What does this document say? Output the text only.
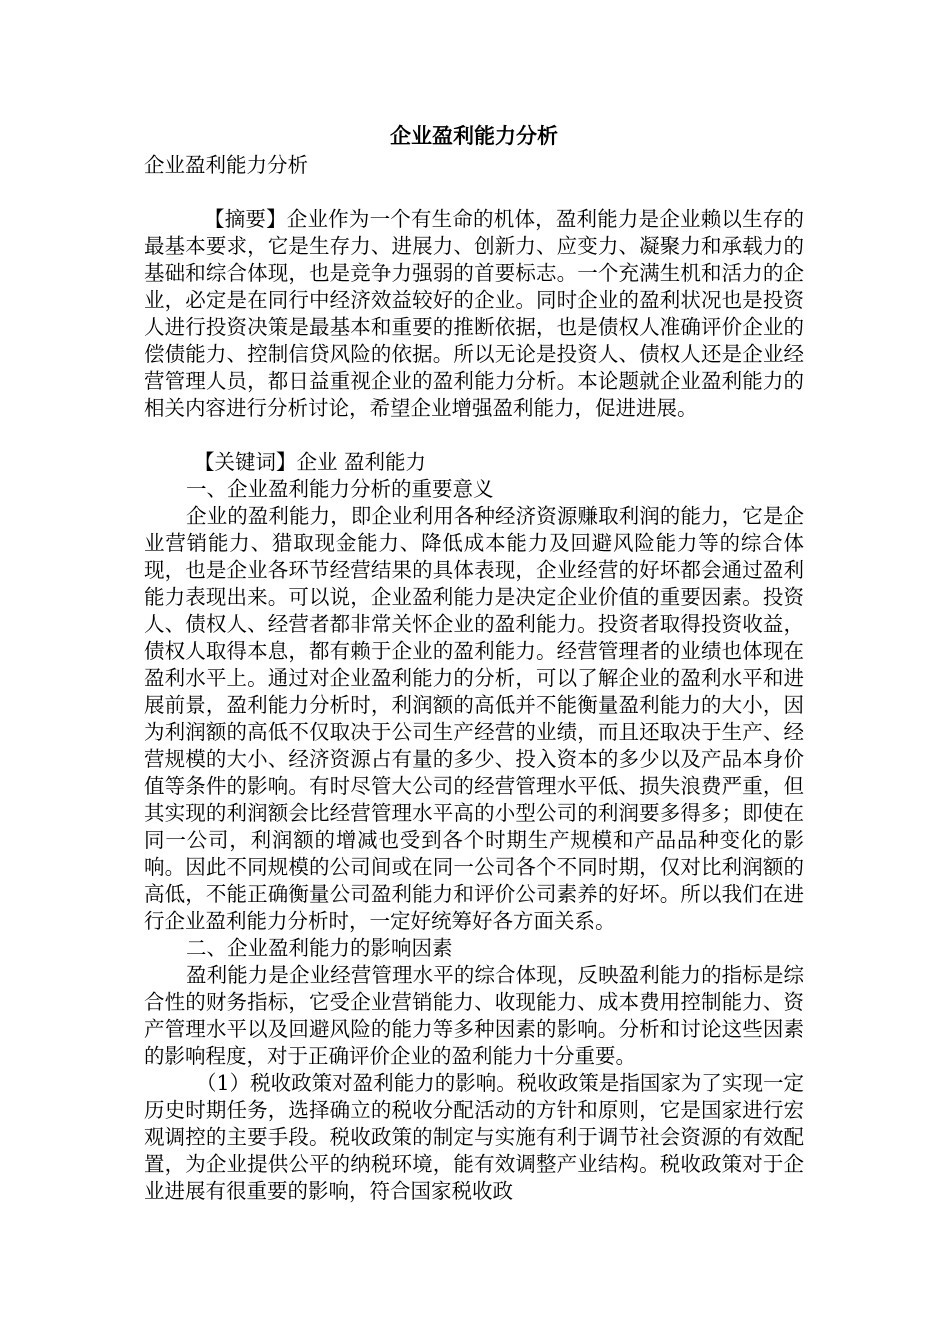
企业盈利能力分析
企业盈利能力分析

【摘要】企业作为一个有生命的机体，盈利能力是企业赖以生存的最基本要求，它是生存力、进展力、创新力、应变力、凝聚力和承载力的基础和综合体现，也是竞争力强弱的首要标志。一个充满生机和活力的企业，必定是在同行中经济效益较好的企业。同时企业的盈利状况也是投资人进行投资决策是最基本和重要的推断依据，也是债权人准确评价企业的偿债能力、控制信贷风险的依据。所以无论是投资人、债权人还是企业经营管理人员，都日益重视企业的盈利能力分析。本论题就企业盈利能力的相关内容进行分析讨论，希望企业增强盈利能力，促进进展。

【关键词】企业 盈利能力

一、企业盈利能力分析的重要意义

企业的盈利能力，即企业利用各种经济资源赚取利润的能力，它是企业营销能力、猎取现金能力、降低成本能力及回避风险能力等的综合体现，也是企业各环节经营结果的具体表现，企业经营的好坏都会通过盈利能力表现出来。可以说，企业盈利能力是决定企业价值的重要因素。投资人、债权人、经营者都非常关怀企业的盈利能力。投资者取得投资收益，债权人取得本息，都有赖于企业的盈利能力。经营管理者的业绩也体现在盈利水平上。通过对企业盈利能力的分析，可以了解企业的盈利水平和进展前景，盈利能力分析时，利润额的高低并不能衡量盈利能力的大小，因为利润额的高低不仅取决于公司生产经营的业绩，而且还取决于生产、经营规模的大小、经济资源占有量的多少、投入资本的多少以及产品本身价值等条件的影响。有时尽管大公司的经营管理水平低、损失浪费严重，但其实现的利润额会比经营管理水平高的小型公司的利润要多得多；即使在同一公司，利润额的增减也受到各个时期生产规模和产品品种变化的影响。因此不同规模的公司间或在同一公司各个不同时期，仅对比利润额的高低，不能正确衡量公司盈利能力和评价公司素养的好坏。所以我们在进行企业盈利能力分析时，一定好统筹好各方面关系。

二、企业盈利能力的影响因素

盈利能力是企业经营管理水平的综合体现，反映盈利能力的指标是综合性的财务指标，它受企业营销能力、收现能力、成本费用控制能力、资产管理水平以及回避风险的能力等多种因素的影响。分析和讨论这些因素的影响程度，对于正确评价企业的盈利能力十分重要。

（1）税收政策对盈利能力的影响。税收政策是指国家为了实现一定历史时期任务，选择确立的税收分配活动的方针和原则，它是国家进行宏观调控的主要手段。税收政策的制定与实施有利于调节社会资源的有效配置，为企业提供公平的纳税环境，能有效调整产业结构。税收政策对于企业进展有很重要的影响，符合国家税收政
